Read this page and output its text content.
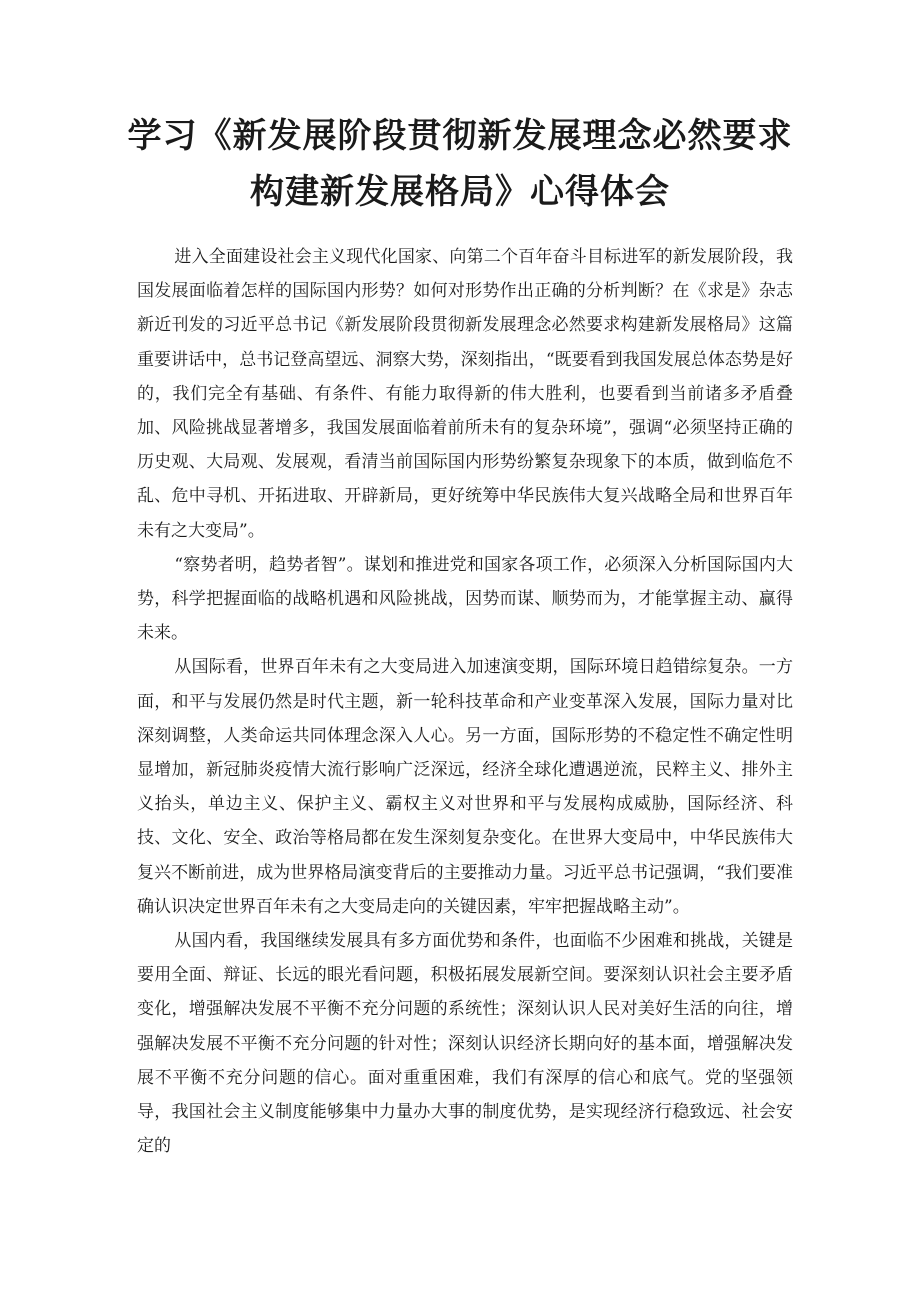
学习《新发展阶段贯彻新发展理念必然要求
构建新发展格局》心得体会

进入全面建设社会主义现代化国家、向第二个百年奋斗目标进军的新发展阶段，我国发展面临着怎样的国际国内形势？如何对形势作出正确的分析判断？在《求是》杂志新近刊发的习近平总书记《新发展阶段贯彻新发展理念必然要求构建新发展格局》这篇重要讲话中，总书记登高望远、洞察大势，深刻指出，“既要看到我国发展总体态势是好的，我们完全有基础、有条件、有能力取得新的伟大胜利，也要看到当前诸多矛盾叠加、风险挑战显著增多，我国发展面临着前所未有的复杂环境”，强调“必须坚持正确的历史观、大局观、发展观，看清当前国际国内形势纷繁复杂现象下的本质，做到临危不乱、危中寻机、开拓进取、开辟新局，更好统筹中华民族伟大复兴战略全局和世界百年未有之大变局”。

“察势者明，趋势者智”。谋划和推进党和国家各项工作，必须深入分析国际国内大势，科学把握面临的战略机遇和风险挑战，因势而谋、顺势而为，才能掌握主动、赢得未来。

从国际看，世界百年未有之大变局进入加速演变期，国际环境日趋错综复杂。一方面，和平与发展仍然是时代主题，新一轮科技革命和产业变革深入发展，国际力量对比深刻调整，人类命运共同体理念深入人心。另一方面，国际形势的不稳定性不确定性明显增加，新冠肺炎疫情大流行影响广泛深远，经济全球化遭遇逆流，民粹主义、排外主义抬头，单边主义、保护主义、霸权主义对世界和平与发展构成威胁，国际经济、科技、文化、安全、政治等格局都在发生深刻复杂变化。在世界大变局中，中华民族伟大复兴不断前进，成为世界格局演变背后的主要推动力量。习近平总书记强调，“我们要准确认识决定世界百年未有之大变局走向的关键因素，牢牢把握战略主动”。

从国内看，我国继续发展具有多方面优势和条件，也面临不少困难和挑战，关键是要用全面、辩证、长远的眼光看问题，积极拓展发展新空间。要深刻认识社会主要矛盾变化，增强解决发展不平衡不充分问题的系统性；深刻认识人民对美好生活的向往，增强解决发展不平衡不充分问题的针对性；深刻认识经济长期向好的基本面，增强解决发展不平衡不充分问题的信心。面对重重困难，我们有深厚的信心和底气。党的坚强领导，我国社会主义制度能够集中力量办大事的制度优势，是实现经济行稳致远、社会安定的
